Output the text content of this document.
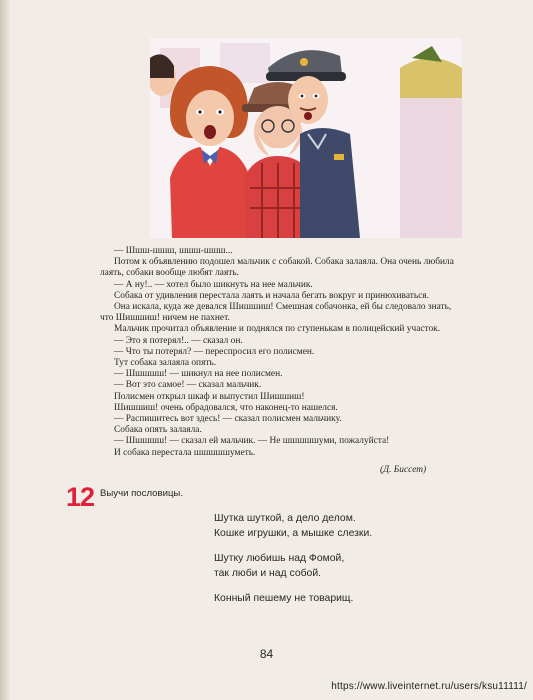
— Шшш-шшш, шшш-шшш...

Потом к объявлению подошел мальчик с собакой. Собака залаяла. Она очень любила

лаять, собаки вообще любят лаять.

— А ну!.. — хотел было шикнуть на нее мальчик.

Собака от удивления перестала лаять и начала бегать вокруг и принюхиваться.

Она искала, куда же девался Шишшиш! Смешная собачонка, ей бы следовало знать,

что Шишшиш! ничем не пахнет.

Мальчик прочитал объявление и поднялся по ступенькам в полицейский участок.

— Это я потерял!.. — сказал он.

— Что ты потерял? — переспросил его полисмен.

Тут собака залаяла опять.

— Шшшшш! — шикнул на нее полисмен.

— Вот это самое! — сказал мальчик.

Полисмен открыл шкаф и выпустил Шишшиш!

Шишшиш! очень обрадовался, что наконец-то нашелся.

— Распишитесь вот здесь! — сказал полисмен мальчику.

Собака опять залаяла.

— Шшшшш! — сказал ей мальчик. — Не шшшшшуми, пожалуйста!

И собака перестала шшшшшуметь.

(Д. Биссет)
12 Выучи пословицы.
Шутка шуткой, а дело делом.
Кошке игрушки, а мышке слезки.
Шутку любишь над Фомой,
так люби и над собой.
Конный пешему не товарищ.
84
https://www.liveinternet.ru/users/ksu11111/
